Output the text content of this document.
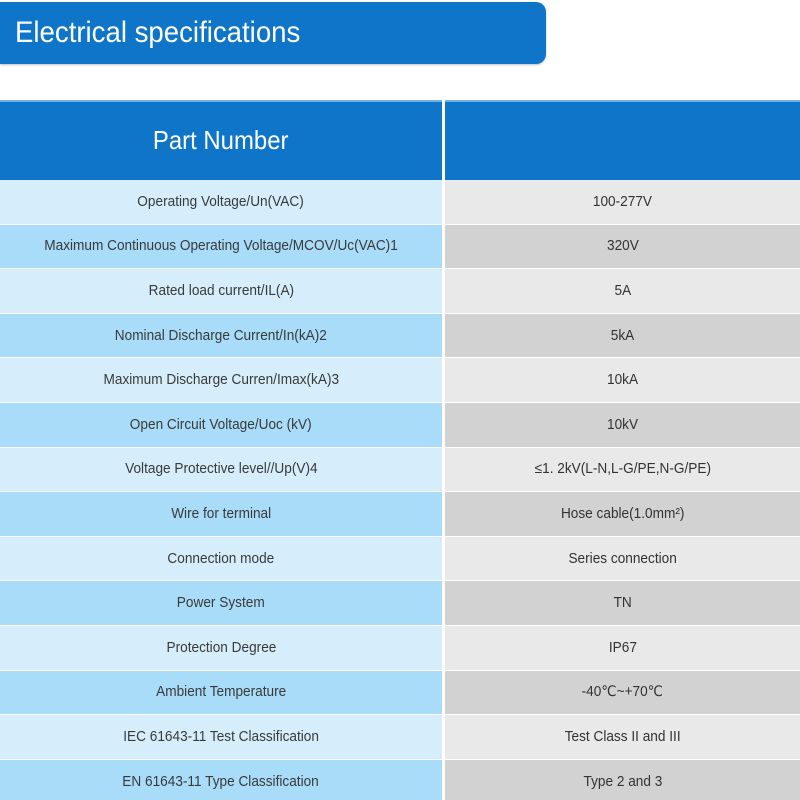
Electrical specifications
Part Number
Operating Voltage/Un(VAC)	100-277V
Maximum Continuous Operating Voltage/MCOV/Uc(VAC)1	320V
Rated load current/IL(A)	5A
Nominal Discharge Current/In(kA)2	5kA
Maximum Discharge Curren/Imax(kA)3	10kA
Open Circuit Voltage/Uoc (kV)	10kV
Voltage Protective level//Up(V)4	≤1. 2kV(L-N,L-G/PE,N-G/PE)
Wire for terminal	Hose cable(1.0mm²)
Connection mode	Series connection
Power System	TN
Protection Degree	IP67
Ambient Temperature	-40℃~+70℃
IEC 61643-11 Test Classification	Test Class II and III
EN 61643-11 Type Classification	Type 2 and 3
